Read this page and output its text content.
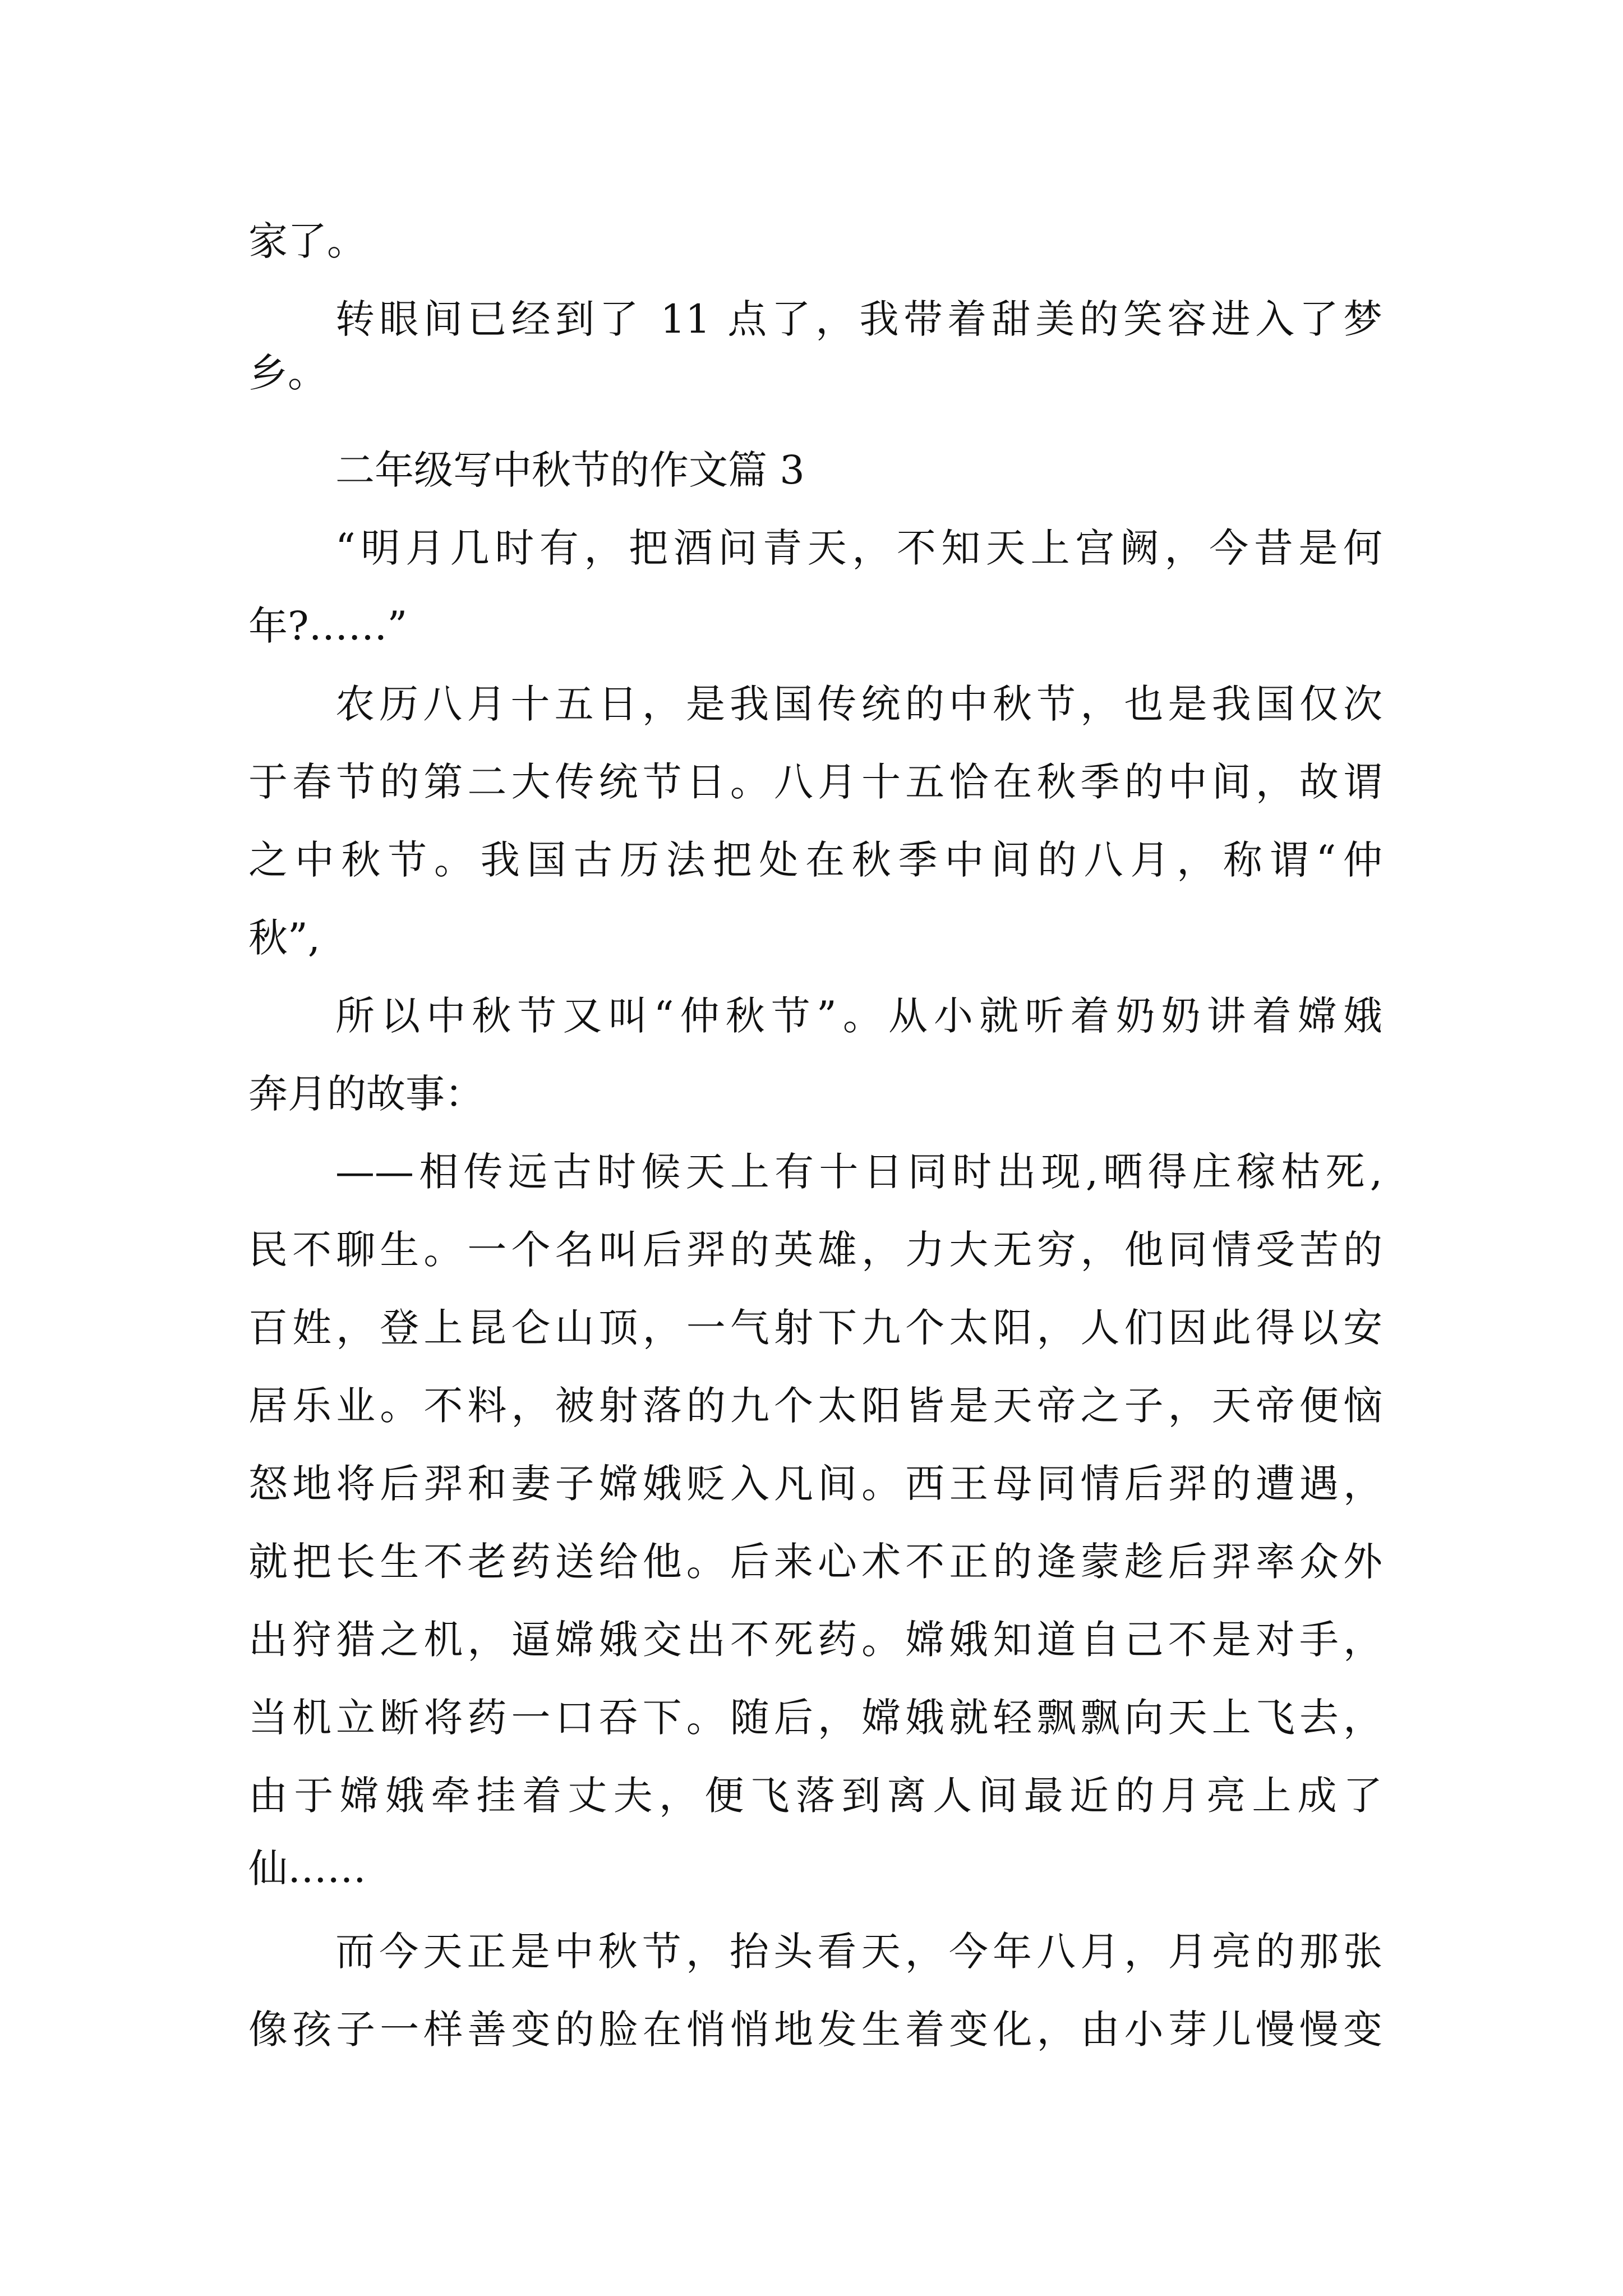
家了。

转眼间已经到了 11 点了，我带着甜美的笑容进入了梦

乡。

二年级写中秋节的作文篇 3

“明月几时有，把酒问青天，不知天上宫阙，今昔是何

年?……”

农历八月十五日，是我国传统的中秋节，也是我国仅次

于春节的第二大传统节日。八月十五恰在秋季的中间，故谓

之中秋节。我国古历法把处在秋季中间的八月，称谓“仲

秋”,

所以中秋节又叫“仲秋节”。从小就听着奶奶讲着嫦娥

奔月的故事：

——相传远古时候天上有十日同时出现,晒得庄稼枯死,

民不聊生。一个名叫后羿的英雄，力大无穷，他同情受苦的

百姓，登上昆仑山顶，一气射下九个太阳，人们因此得以安

居乐业。不料，被射落的九个太阳皆是天帝之子，天帝便恼

怒地将后羿和妻子嫦娥贬入凡间。西王母同情后羿的遭遇，

就把长生不老药送给他。后来心术不正的逄蒙趁后羿率众外

出狩猎之机，逼嫦娥交出不死药。嫦娥知道自己不是对手，

当机立断将药一口吞下。随后，嫦娥就轻飘飘向天上飞去，

由于嫦娥牵挂着丈夫，便飞落到离人间最近的月亮上成了

仙……

而今天正是中秋节，抬头看天，今年八月，月亮的那张

像孩子一样善变的脸在悄悄地发生着变化，由小芽儿慢慢变
